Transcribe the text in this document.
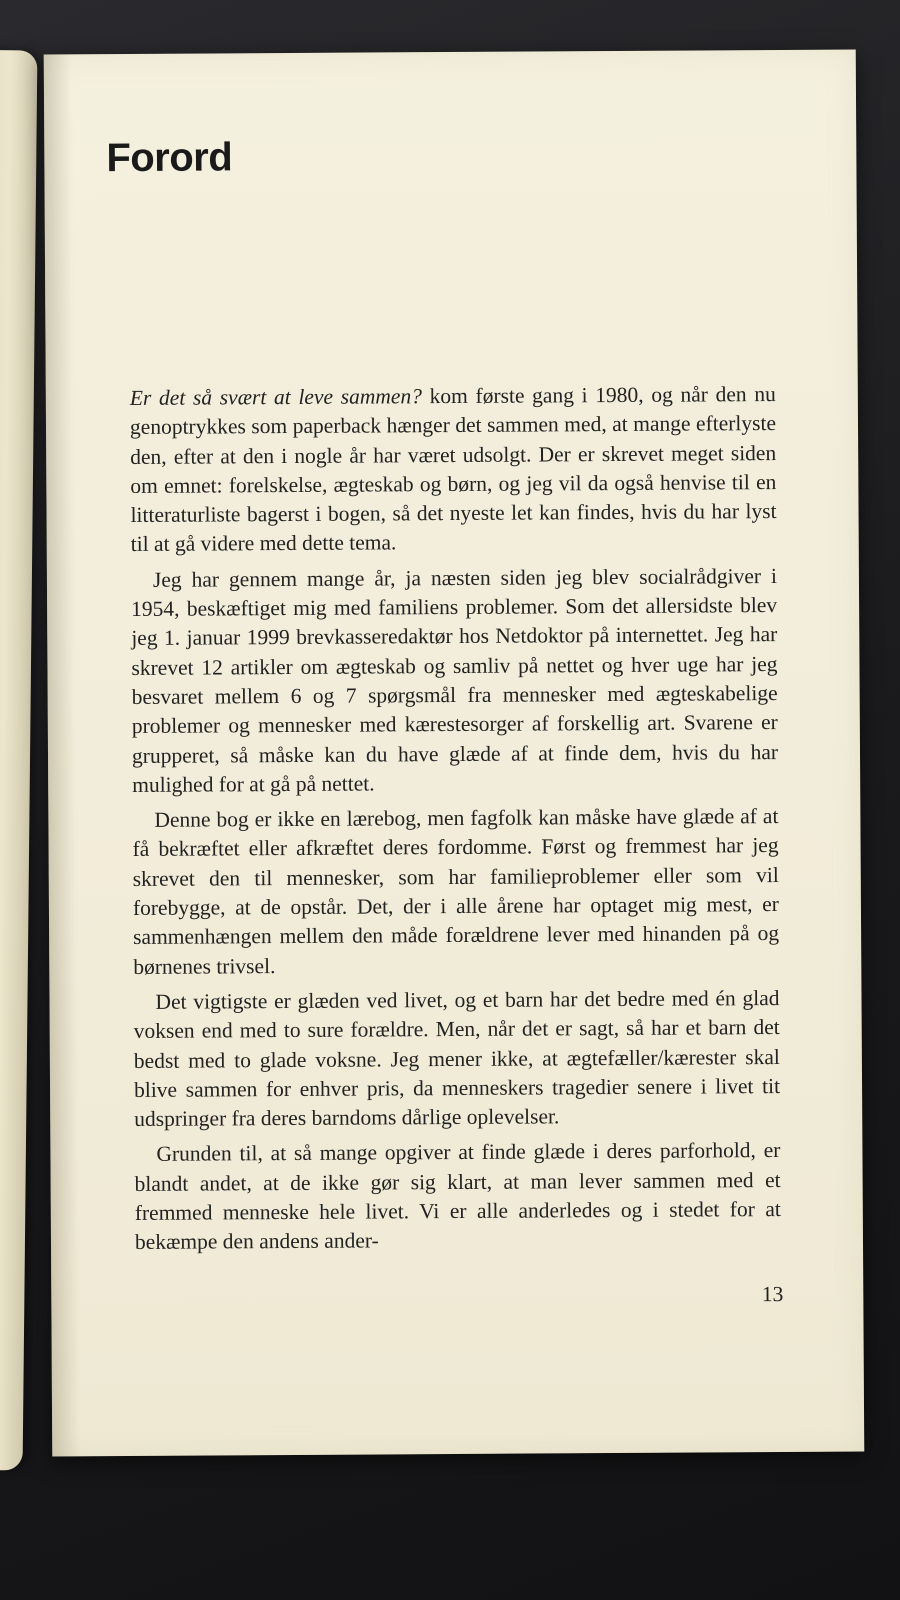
Forord

Er det så svært at leve sammen? kom første gang i 1980, og når den nu genoptrykkes som paperback hænger det sammen med, at mange efterlyste den, efter at den i nogle år har været udsolgt. Der er skrevet meget siden om emnet: forelskelse, ægteskab og børn, og jeg vil da også henvise til en litteraturliste bagerst i bogen, så det nyeste let kan findes, hvis du har lyst til at gå videre med dette tema.

Jeg har gennem mange år, ja næsten siden jeg blev socialrådgiver i 1954, beskæftiget mig med familiens problemer. Som det allersidste blev jeg 1. januar 1999 brevkasseredaktør hos Netdoktor på internettet. Jeg har skrevet 12 artikler om ægteskab og samliv på nettet og hver uge har jeg besvaret mellem 6 og 7 spørgsmål fra mennesker med ægteskabelige problemer og mennesker med kærestesorger af forskellig art. Svarene er grupperet, så måske kan du have glæde af at finde dem, hvis du har mulighed for at gå på nettet.

Denne bog er ikke en lærebog, men fagfolk kan måske have glæde af at få bekræftet eller afkræftet deres fordomme. Først og fremmest har jeg skrevet den til mennesker, som har familieproblemer eller som vil forebygge, at de opstår. Det, der i alle årene har optaget mig mest, er sammenhængen mellem den måde forældrene lever med hinanden på og børnenes trivsel.

Det vigtigste er glæden ved livet, og et barn har det bedre med én glad voksen end med to sure forældre. Men, når det er sagt, så har et barn det bedst med to glade voksne. Jeg mener ikke, at ægtefæller/kærester skal blive sammen for enhver pris, da menneskers tragedier senere i livet tit udspringer fra deres barndoms dårlige oplevelser.

Grunden til, at så mange opgiver at finde glæde i deres parforhold, er blandt andet, at de ikke gør sig klart, at man lever sammen med et fremmed menneske hele livet. Vi er alle anderledes og i stedet for at bekæmpe den andens ander-

13
